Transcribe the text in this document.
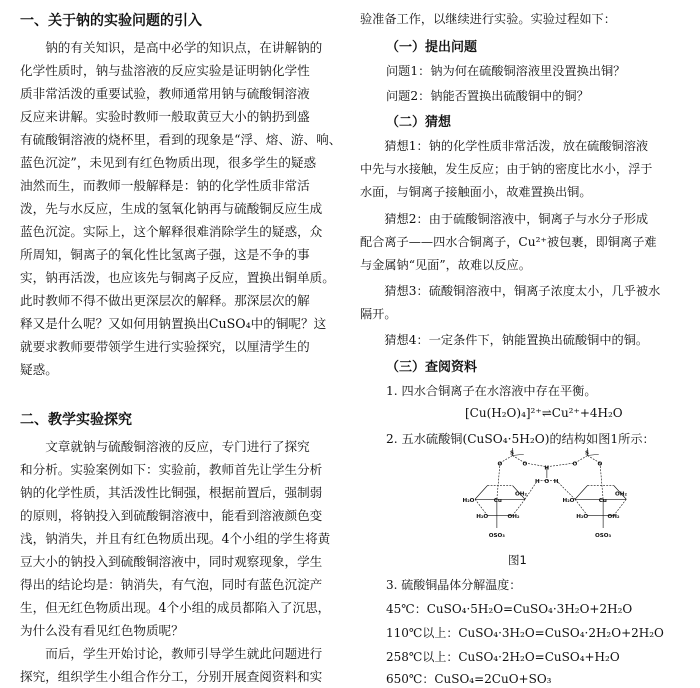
一、关于钠的实验问题的引入
　　钠的有关知识，是高中必学的知识点，在讲解钠的
化学性质时，钠与盐溶液的反应实验是证明钠化学性
质非常活泼的重要试验，教师通常用钠与硫酸铜溶液
反应来讲解。实验时教师一般取黄豆大小的钠扔到盛
有硫酸铜溶液的烧杯里，看到的现象是“浮、熔、游、响、
蓝色沉淀”，未见到有红色物质出现，很多学生的疑惑
油然而生，而教师一般解释是：钠的化学性质非常活
泼，先与水反应，生成的氢氧化钠再与硫酸铜反应生成
蓝色沉淀。实际上，这个解释很难消除学生的疑惑，众
所周知，铜离子的氧化性比氢离子强，这是不争的事
实，钠再活泼，也应该先与铜离子反应，置换出铜单质。
此时教师不得不做出更深层次的解释。那深层次的解
释又是什么呢？又如何用钠置换出CuSO₄中的铜呢？这
就要求教师要带领学生进行实验探究，以厘清学生的
疑惑。
二、教学实验探究
　　文章就钠与硫酸铜溶液的反应，专门进行了探究
和分析。实验案例如下：实验前，教师首先让学生分析
钠的化学性质，其活泼性比铜强，根据前置后，强制弱
的原则，将钠投入到硫酸铜溶液中，能看到溶液颜色变
浅，钠消失，并且有红色物质出现。4个小组的学生将黄
豆大小的钠投入到硫酸铜溶液中，同时观察现象，学生
得出的结论均是：钠消失，有气泡，同时有蓝色沉淀产
生，但无红色物质出现。4个小组的成员都陷入了沉思，
为什么没有看见红色物质呢？
　　而后，学生开始讨论，教师引导学生就此问题进行
探究，组织学生小组合作分工，分别开展查阅资料和实
验准备工作，以继续进行实验。实验过程如下：
（一）提出问题
问题1：钠为何在硫酸铜溶液里没置换出铜？
问题2：钠能否置换出硫酸铜中的铜？
（二）猜想
　　猜想1：钠的化学性质非常活泼，放在硫酸铜溶液
中先与水接触，发生反应；由于钠的密度比水小，浮于
水面，与铜离子接触面小，故难置换出铜。
　　猜想2：由于硫酸铜溶液中，铜离子与水分子形成
配合离子——四水合铜离子，Cu²⁺被包裹，即铜离子难
与金属钠“见面”，故难以反应。
　　猜想3：硫酸铜溶液中，铜离子浓度太小，几乎被水
隔开。
　　猜想4：一定条件下，钠能置换出硫酸铜中的铜。
（三）查阅资料
1. 四水合铜离子在水溶液中存在平衡。
[Cu(H₂O)₄]²⁺⇌Cu²⁺+4H₂O
2. 五水硫酸铜(CuSO₄·5H₂O)的结构如图1所示：
S
O O
S
O O
H
O
H H
Cu	Cu
H₂O
OH₂
H₂O OH₂
H₂O
OH₂
H₂O OH₂
OSO₃	OSO₃
图1
3. 硫酸铜晶体分解温度：
45℃：CuSO₄·5H₂O=CuSO₄·3H₂O+2H₂O
110℃以上：CuSO₄·3H₂O=CuSO₄·2H₂O+2H₂O
258℃以上：CuSO₄·2H₂O=CuSO₄+H₂O
650℃：CuSO₄=2CuO+SO₃
